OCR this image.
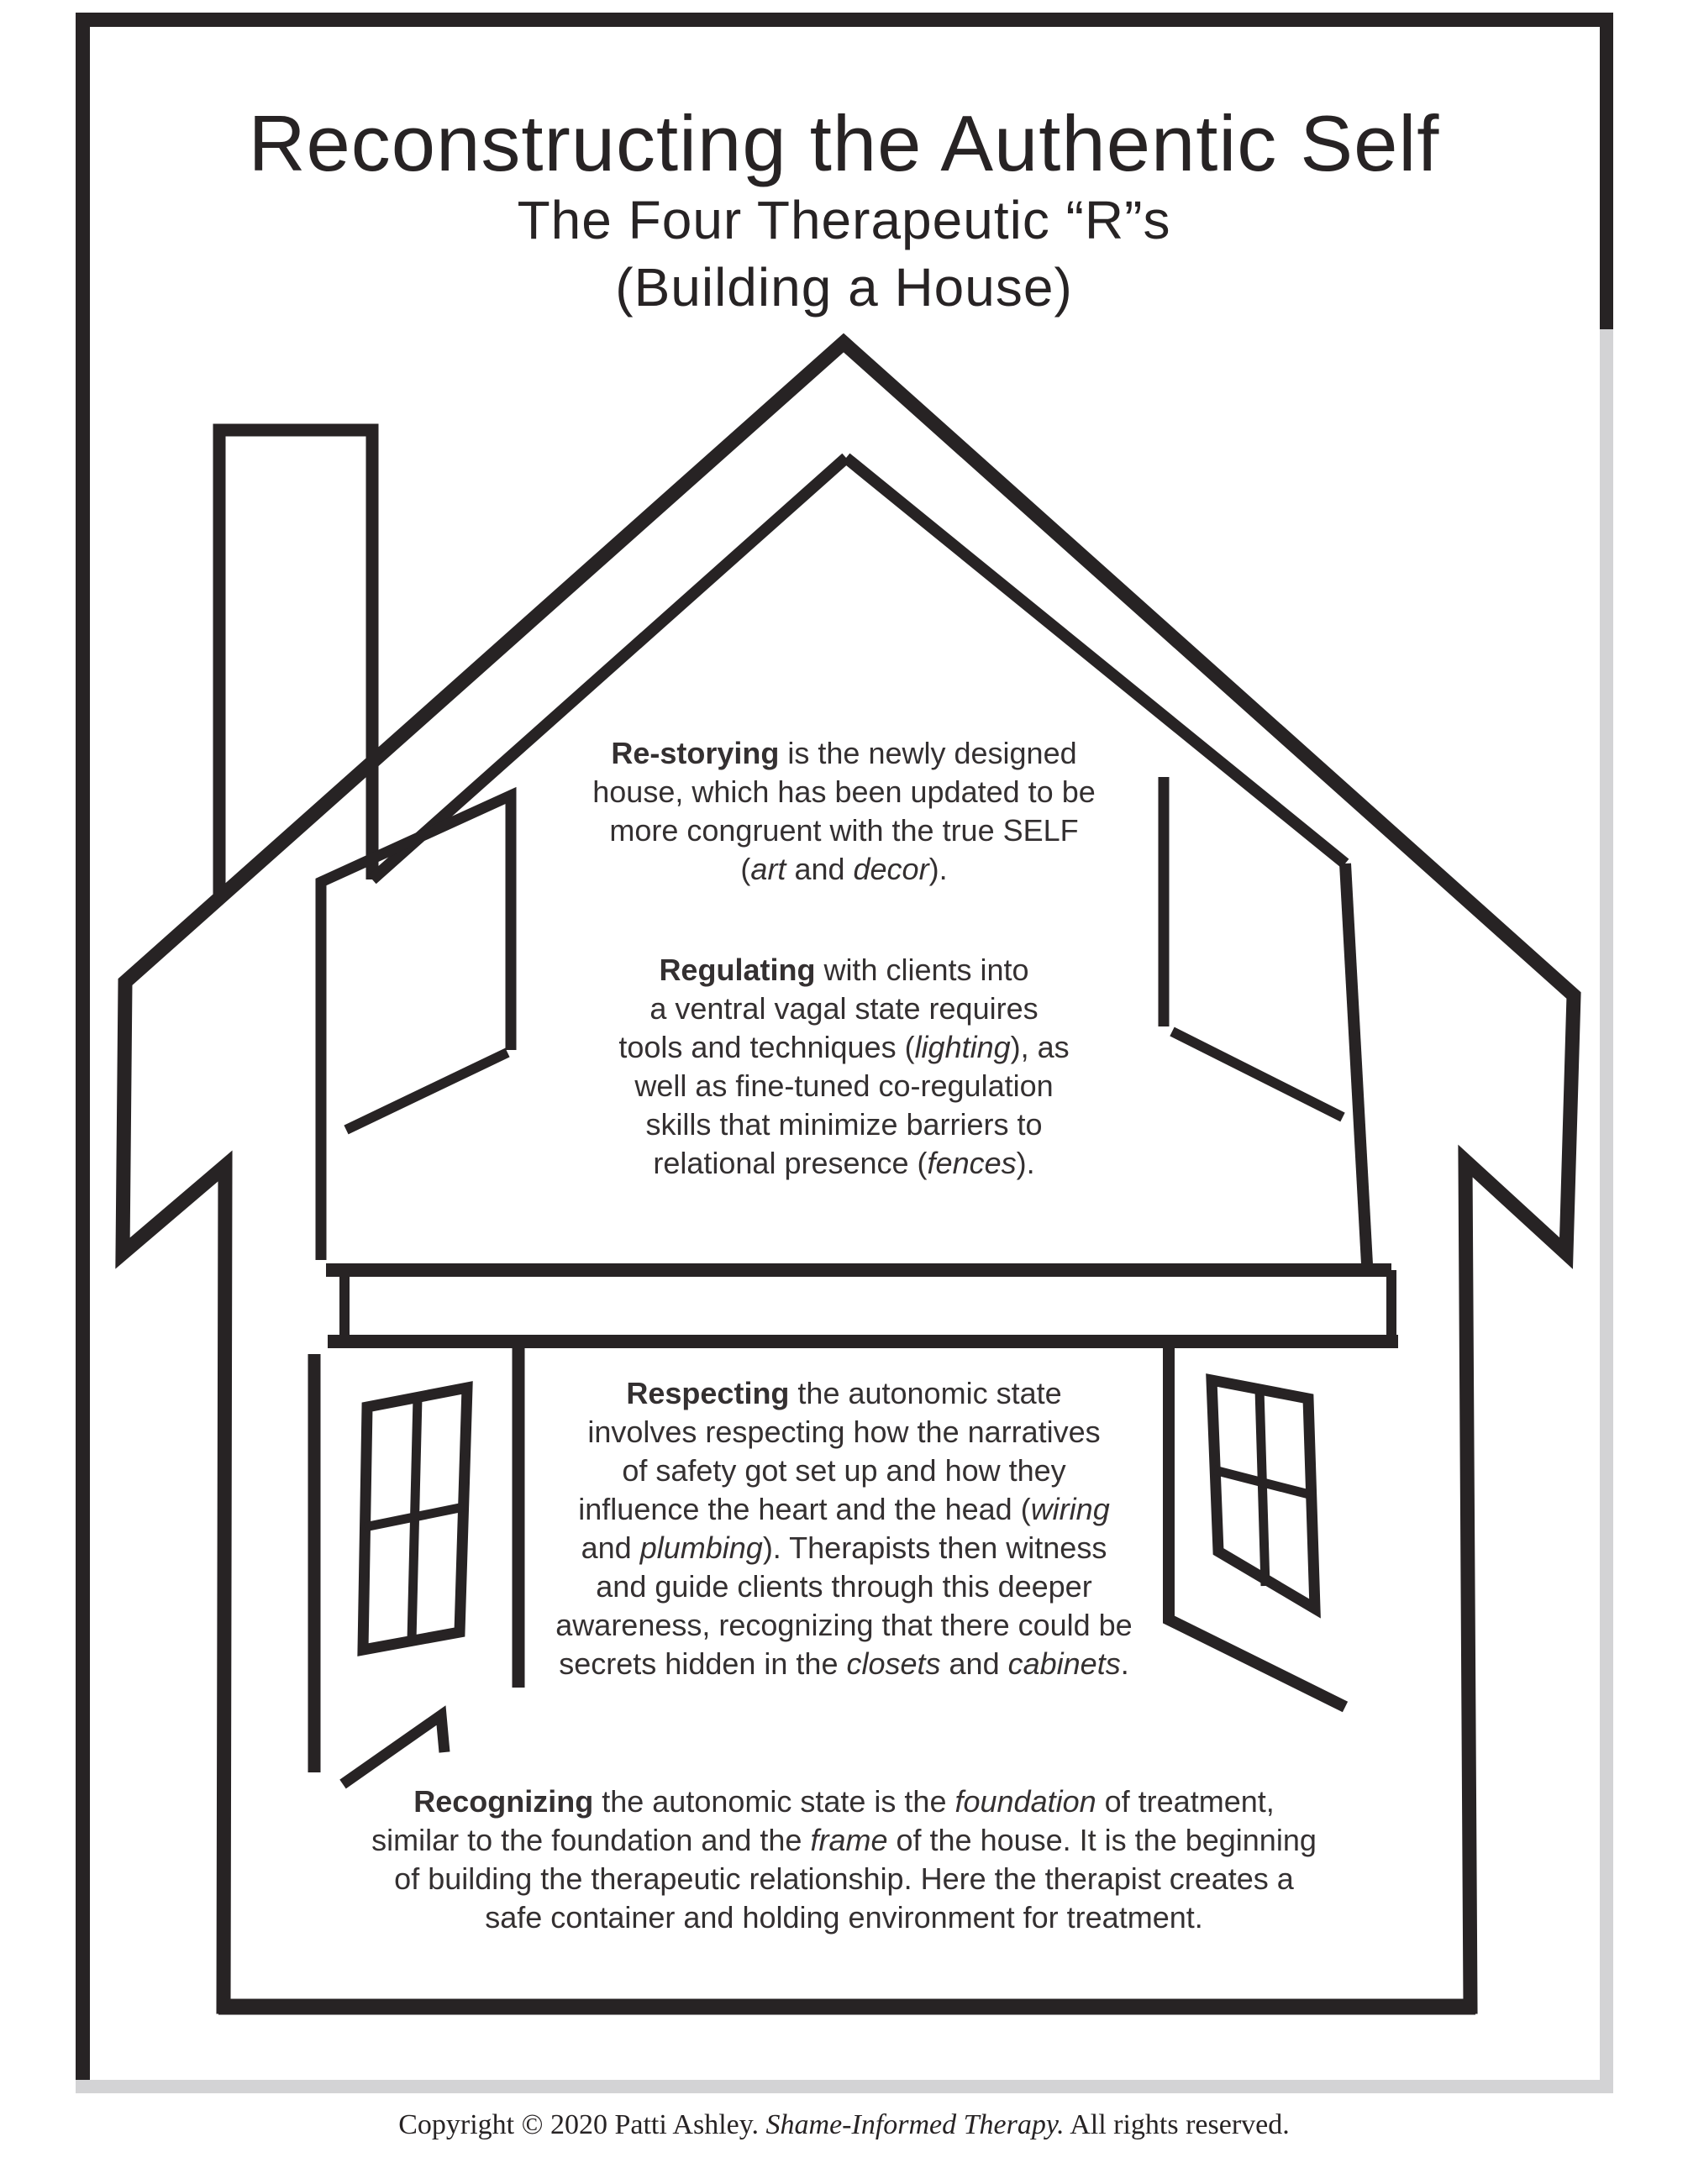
Reconstructing the Authentic Self
The Four Therapeutic “R”s
(Building a House)
Re-storying is the newly designed
house, which has been updated to be
more congruent with the true SELF
(art and decor).
Regulating with clients into
a ventral vagal state requires
tools and techniques (lighting), as
well as fine-tuned co-regulation
skills that minimize barriers to
relational presence (fences).
Respecting the autonomic state
involves respecting how the narratives
of safety got set up and how they
influence the heart and the head (wiring
and plumbing). Therapists then witness
and guide clients through this deeper
awareness, recognizing that there could be
secrets hidden in the closets and cabinets.
Recognizing the autonomic state is the foundation of treatment,
similar to the foundation and the frame of the house. It is the beginning
of building the therapeutic relationship. Here the therapist creates a
safe container and holding environment for treatment.
Copyright © 2020 Patti Ashley. Shame-Informed Therapy. All rights reserved.
